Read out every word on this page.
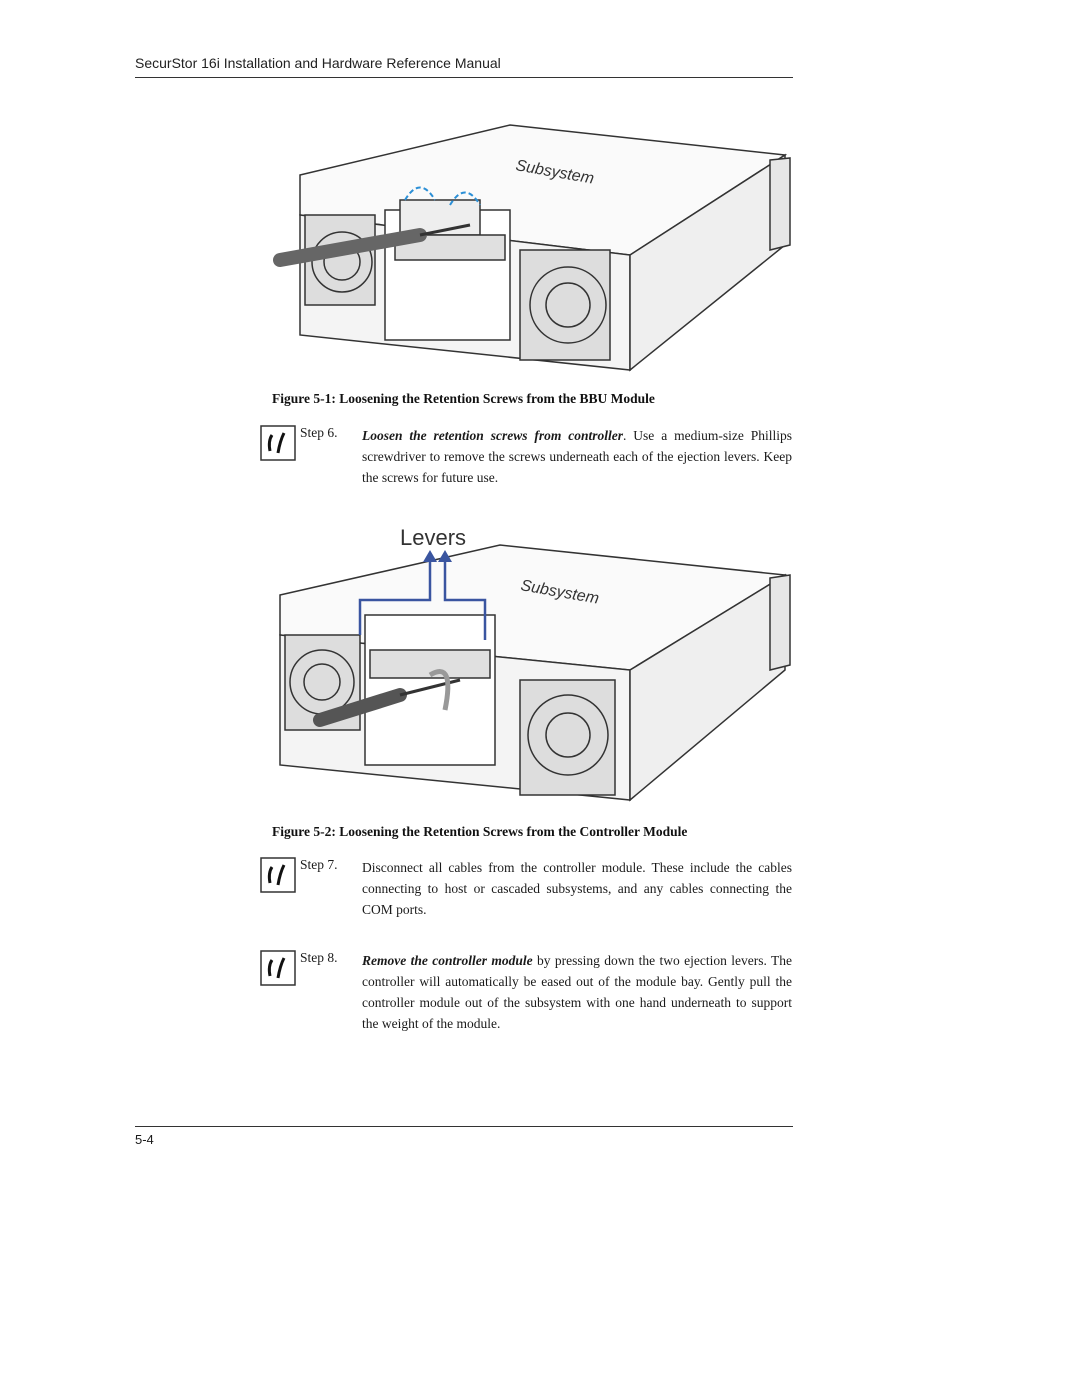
SecurStor 16i Installation and Hardware Reference Manual
Subsystem
Figure 5-1: Loosening the Retention Screws from the BBU Module
Step 6. Loosen the retention screws from controller. Use a medium-size Phillips screwdriver to remove the screws underneath each of the ejection levers. Keep the screws for future use.
Levers
Subsystem
Figure 5-2: Loosening the Retention Screws from the Controller Module
Step 7. Disconnect all cables from the controller module. These include the cables connecting to host or cascaded subsystems, and any cables connecting the COM ports.
Step 8. Remove the controller module by pressing down the two ejection levers. The controller will automatically be eased out of the module bay. Gently pull the controller module out of the subsystem with one hand underneath to support the weight of the module.
5-4
